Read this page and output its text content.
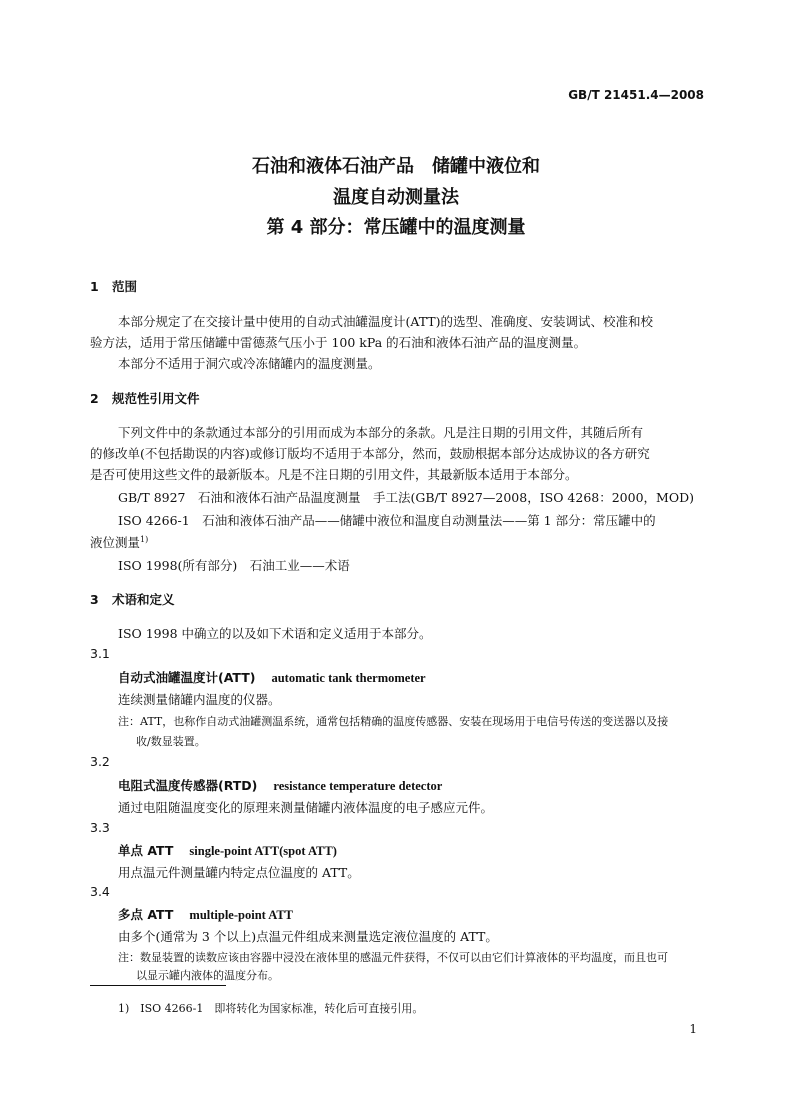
GB/T 21451.4—2008
石油和液体石油产品　储罐中液位和
温度自动测量法
第 4 部分：常压罐中的温度测量
1 范围
本部分规定了在交接计量中使用的自动式油罐温度计(ATT)的选型、准确度、安装调试、校准和校
验方法，适用于常压储罐中雷德蒸气压小于 100 kPa 的石油和液体石油产品的温度测量。
本部分不适用于洞穴或冷冻储罐内的温度测量。
2 规范性引用文件
下列文件中的条款通过本部分的引用而成为本部分的条款。凡是注日期的引用文件，其随后所有
的修改单(不包括勘误的内容)或修订版均不适用于本部分，然而，鼓励根据本部分达成协议的各方研究
是否可使用这些文件的最新版本。凡是不注日期的引用文件，其最新版本适用于本部分。
GB/T 8927　石油和液体石油产品温度测量　手工法(GB/T 8927—2008，ISO 4268：2000，MOD)
ISO 4266-1　石油和液体石油产品——储罐中液位和温度自动测量法——第 1 部分：常压罐中的
液位测量$^{1)}$
ISO 1998(所有部分)　石油工业——术语
3 术语和定义
ISO 1998 中确立的以及如下术语和定义适用于本部分。
3.1
自动式油罐温度计(ATT) automatic tank thermometer
连续测量储罐内温度的仪器。
注：ATT，也称作自动式油罐测温系统，通常包括精确的温度传感器、安装在现场用于电信号传送的变送器以及接
收/数显装置。
3.2
电阻式温度传感器(RTD) resistance temperature detector
通过电阻随温度变化的原理来测量储罐内液体温度的电子感应元件。
3.3
单点 ATT single-point ATT(spot ATT)
用点温元件测量罐内特定点位温度的 ATT。
3.4
多点 ATT multiple-point ATT
由多个(通常为 3 个以上)点温元件组成来测量选定液位温度的 ATT。
注：数显装置的读数应该由容器中浸没在液体里的感温元件获得，不仅可以由它们计算液体的平均温度，而且也可
以显示罐内液体的温度分布。
1)　ISO 4266-1　即将转化为国家标准，转化后可直接引用。
1
